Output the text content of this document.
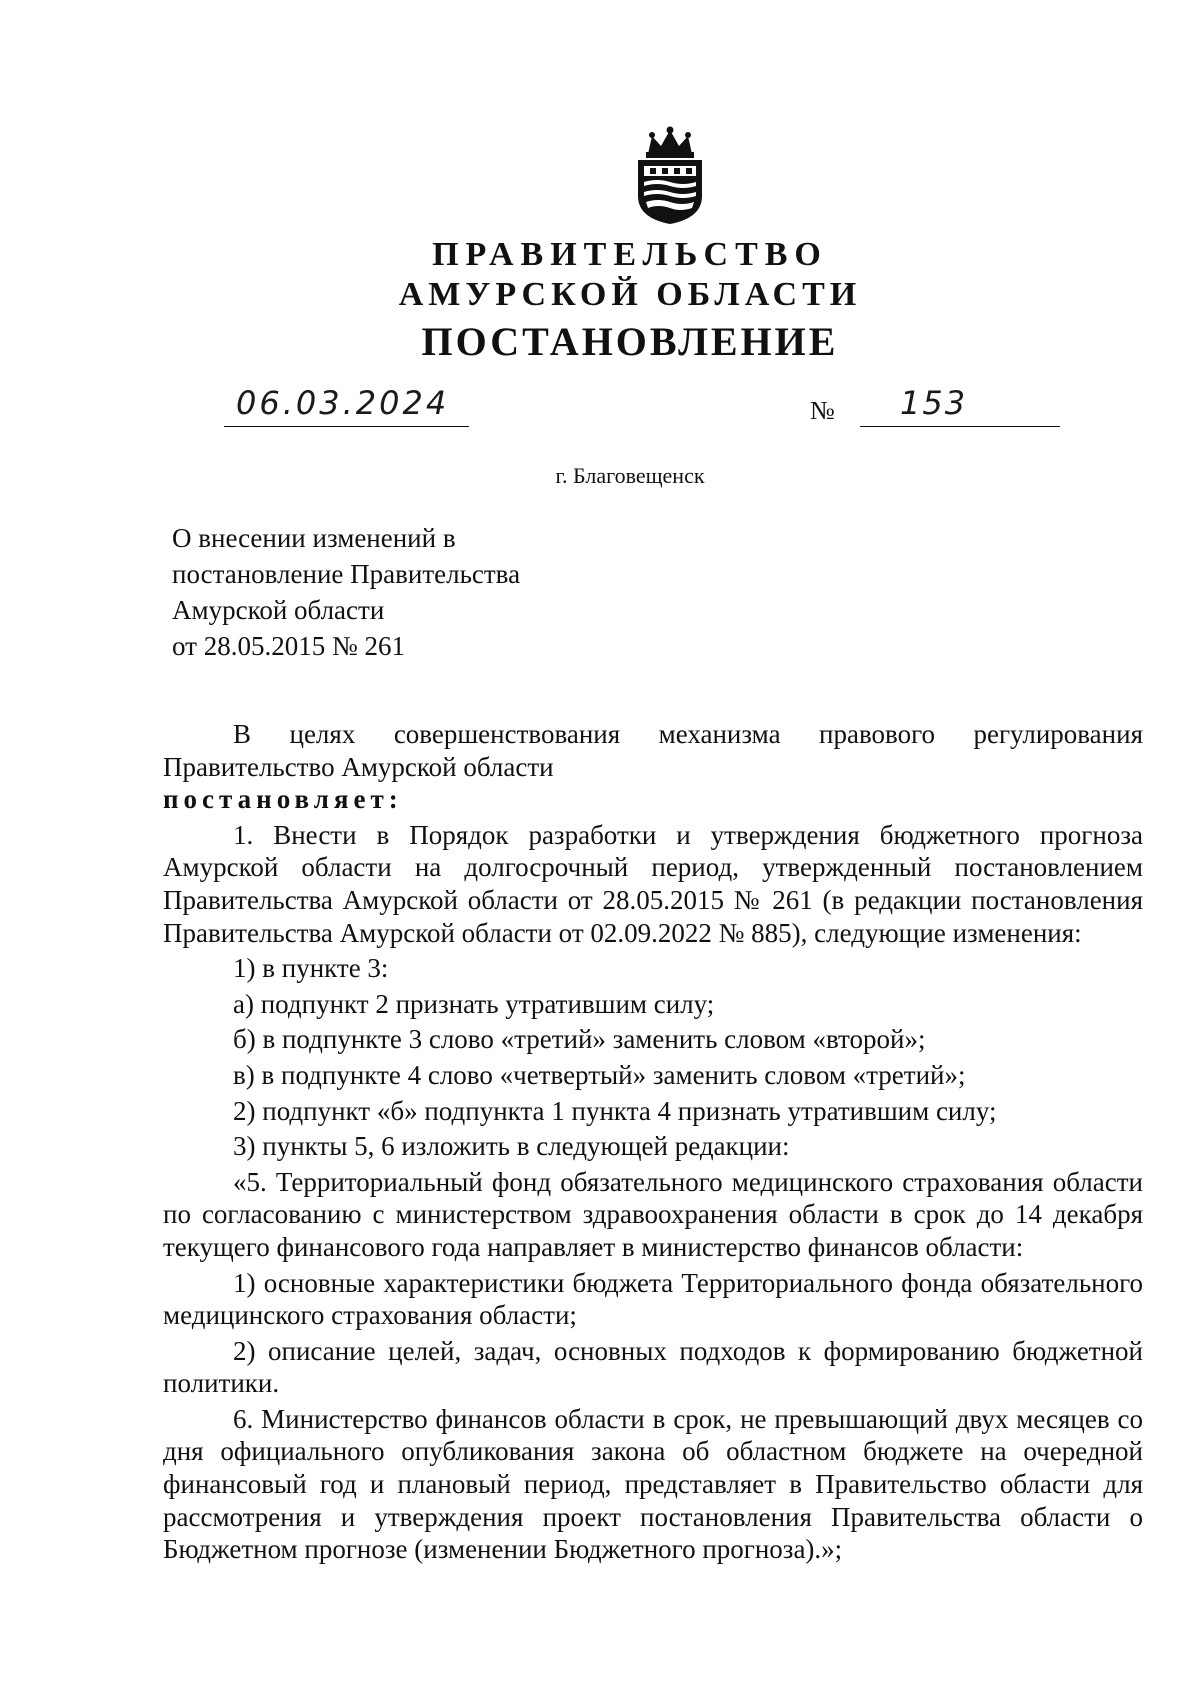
ПРАВИТЕЛЬСТВО
АМУРСКОЙ ОБЛАСТИ
ПОСТАНОВЛЕНИЕ
06.03.2024	№ 153
г. Благовещенск
О внесении изменений в
постановление Правительства
Амурской области
от 28.05.2015 № 261

В целях совершенствования механизма правового регулирования Правительство Амурской области

постановляет:

1. Внести в Порядок разработки и утверждения бюджетного прогноза Амурской области на долгосрочный период, утвержденный постановлением Правительства Амурской области от 28.05.2015 № 261 (в редакции постановления Правительства Амурской области от 02.09.2022 № 885), следующие изменения:

1) в пункте 3:

а) подпункт 2 признать утратившим силу;

б) в подпункте 3 слово «третий» заменить словом «второй»;

в) в подпункте 4 слово «четвертый» заменить словом «третий»;

2) подпункт «б» подпункта 1 пункта 4 признать утратившим силу;

3) пункты 5, 6 изложить в следующей редакции:

«5. Территориальный фонд обязательного медицинского страхования области по согласованию с министерством здравоохранения области в срок до 14 декабря текущего финансового года направляет в министерство финансов области:

1) основные характеристики бюджета Территориального фонда обязательного медицинского страхования области;

2) описание целей, задач, основных подходов к формированию бюджетной политики.

6. Министерство финансов области в срок, не превышающий двух месяцев со дня официального опубликования закона об областном бюджете на очередной финансовый год и плановый период, представляет в Правительство области для рассмотрения и утверждения проект постановления Правительства области о Бюджетном прогнозе (изменении Бюджетного прогноза).»;
